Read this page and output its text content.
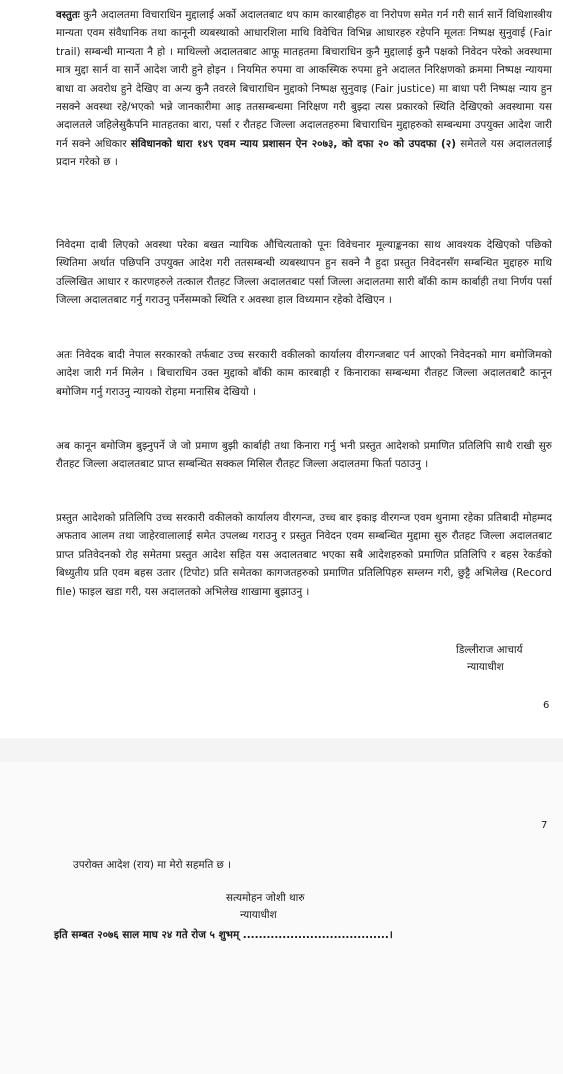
वस्तुतः कुनै अदालतमा विचाराधिन मुद्दालाई अर्को अदालतबाट थप काम कारबाहीहरु वा निरोपण समेत गर्न गरी सार्न सार्ने विधिशास्त्रीय मान्यता एवम संवैधानिक तथा कानूनी व्यबस्थाको आधारशिला माथि विवेचित विभिन्न आधारहरु रहेपनि मूलतः निष्पक्ष सुनुवाई (Fair trail) सम्बन्धी मान्यता नै हो । माथिल्लो अदालतबाट आफू मातहतमा बिचाराधिन कुनै मुद्दालाई कुनै पक्षको निवेदन परेको अवस्थामा मात्र मुद्दा सार्न वा सार्ने आदेश जारी हुने होइन । नियमित रुपमा वा आकस्मिक रुपमा हुने अदालत निरिक्षणको क्रममा निष्पक्ष न्यायमा बाधा वा अवरोध हुने देखिए वा अन्य कुनै तवरले बिचाराधिन मुद्दाको निष्पक्ष सुनुवाइ (Fair justice) मा बाधा परी निष्पक्ष न्याय हुन नसक्ने अवस्था रहे/भएको भन्ने जानकारीमा आइ ततसम्बन्धमा निरिक्षण गरी बुझ्दा त्यस प्रकारको स्थिति देखिएको अवस्थामा यस अदालतले जहिलेसुकैपनि मातहतका बारा, पर्सा र रौतहट जिल्ला अदालतहरुमा बिचाराधिन मुद्दाहरुको सम्बन्धमा उपयुक्त आदेश जारी गर्न सक्ने अधिकार संविधानको धारा १४९ एवम न्याय प्रशासन ऐन २०७३, को दफा २० को उपदफा (२) समेतले यस अदालतलाई प्रदान गरेको छ ।

निवेदमा दाबी लिएको अवस्था परेका बखत न्यायिक औचित्यताको पूनः विवेचनार मूल्याङ्कनका साथ आवश्यक देखिएको पछिको स्थितिमा अर्थात पछिपनि उपयुक्त आदेश गरी ततसम्बन्धी व्यबस्थापन हुन सक्ने नै हुदा प्रस्तुत निवेदनसँग सम्बन्धित मुद्दाहरु माथि उल्लिखित आधार र कारणहरुले तत्काल रौतहट जिल्ला अदालतबाट पर्सा जिल्ला अदालतमा सारी बाँकी काम कार्बाही तथा निर्णय पर्सा जिल्ला अदालतबाट गर्नु गराउनु पर्नेसम्मको स्थिति र अवस्था हाल विध्यमान रहेको देखिएन ।

अतः निवेदक बादी नेपाल सरकारको तर्फबाट उच्च सरकारी वकीलको कार्यालय वीरगन्जबाट पर्न आएको निवेदनको माग बमोजिमको आदेश जारी गर्न मिलेन । बिचाराधिन उक्त मुद्दाको बाँकी काम कारबाही र किनाराका सम्बन्धमा रौतहट जिल्ला अदालतबाटै कानून बमोजिम गर्नु गराउनु न्यायको रोहमा मनासिब देखियो ।

अब कानून बमोजिम बुझ्नुपर्ने जे जो प्रमाण बुझी कार्बाही तथा किनारा गर्नु भनी प्रस्तुत आदेशको प्रमाणित प्रतिलिपि साथै राखी सुरु रौतहट जिल्ला अदालतबाट प्राप्त सम्बन्धित सक्कल मिसिल रौतहट जिल्ला अदालतमा फिर्ता पठाउनु ।

प्रस्तुत आदेशको प्रतिलिपि उच्च सरकारी वकीलको कार्यालय वीरगन्ज, उच्च बार इकाइ वीरगन्ज एवम थुनामा रहेका प्रतिबादी मोहम्मद अफताव आलम तथा जाहेरवालालाई समेत उपलब्ध गराउनु र प्रस्तुत निवेदन एवम सम्बन्धित मुद्दामा सुरु रौतहट जिल्ला अदालतबाट प्राप्त प्रतिवेदनको रोह समेतमा प्रस्तुत आदेश सहित यस अदालतबाट भएका सबै आदेशहरुको प्रमाणित प्रतिलिपि र बहस रेकर्डको बिध्युतीय प्रति एवम बहस उतार (टिपोट) प्रति समेतका कागजतहरुको प्रमाणित प्रतिलिपिहरु सम्लग्न गरी, छुट्टै अभिलेख (Record file) फाइल खडा गरी, यस अदालतको अभिलेख शाखामा बुझाउनु ।

डिल्लीराज आचार्य
न्यायाधीश
6
7
उपरोक्त आदेश (राय) मा मेरो सहमति छ ।
सत्यमोहन जोशी थारु
न्यायाधीश
इति सम्बत २०७६ साल माघ २४ गते रोज ५ शुभम् .....................................।
